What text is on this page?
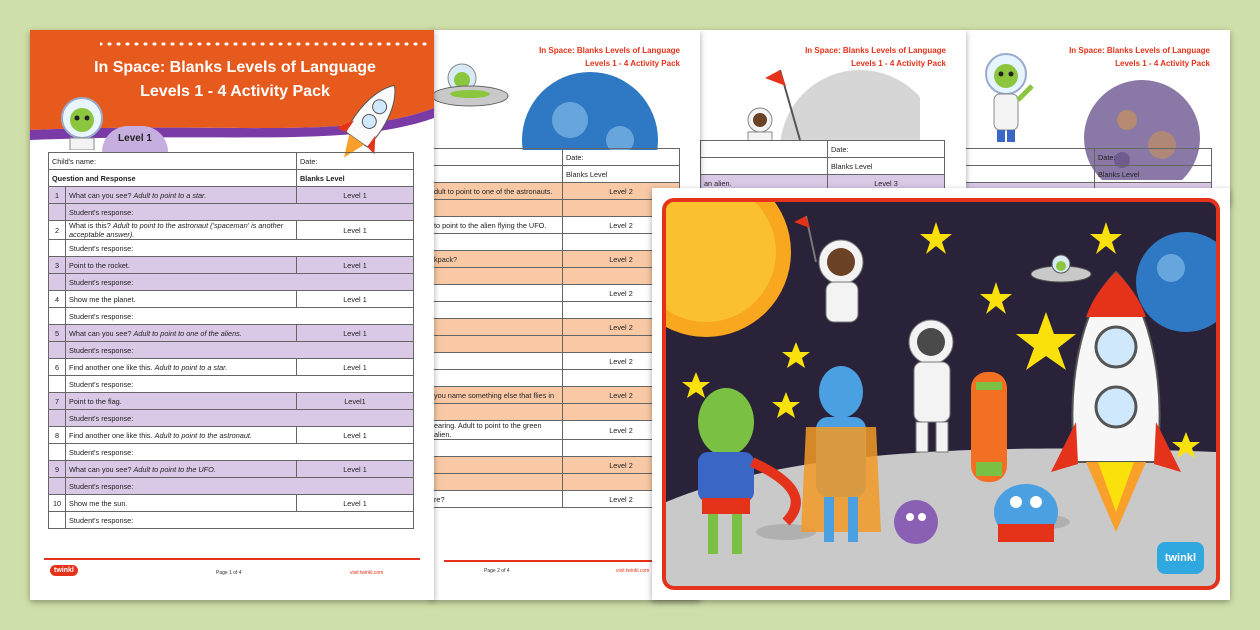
In Space: Blanks Levels of Language
Levels 1 - 4 Activity Pack
	Date:
	Blanks Level

In Space: Blanks Levels of Language
Levels 1 - 4 Activity Pack
	Date:
	Blanks Level
an alien.	Level 3
In Space: Blanks Levels of Language
Levels 1 - 4 Activity Pack
	Date:
	Blanks Level
dult to point to one of the astronauts.	Level 2

to point to the alien flying the UFO.	Level 2

kpack?	Level 2

	Level 2

	Level 2

	Level 2

you name something else that flies in	Level 2

earing. Adult to point to the green alien.	Level 2

	Level 2

re?	Level 2
Page 2 of 4	visit twinkl.com
In Space: Blanks Levels of Language
Levels 1 - 4 Activity Pack
Level 1
Child's name:		Date:
Question and Response		Blanks Level
1	What can you see? Adult to point to a star.	Level 1
	Student's response:	
2	What is this? Adult to point to the astronaut ('spaceman' is another acceptable answer).	Level 1
	Student's response:	
3	Point to the rocket.	Level 1
	Student's response:	
4	Show me the planet.	Level 1
	Student's response:	
5	What can you see? Adult to point to one of the aliens.	Level 1
	Student's response:	
6	Find another one like this. Adult to point to a star.	Level 1
	Student's response:	
7	Point to the flag.	Level1
	Student's response:	
8	Find another one like this. Adult to point to the astronaut.	Level 1
	Student's response:	
9	What can you see? Adult to point to the UFO.	Level 1
	Student's response:	
10	Show me the sun.	Level 1
	Student's response:	
twinkl	Page 1 of 4	visit twinkl.com
twinkl
